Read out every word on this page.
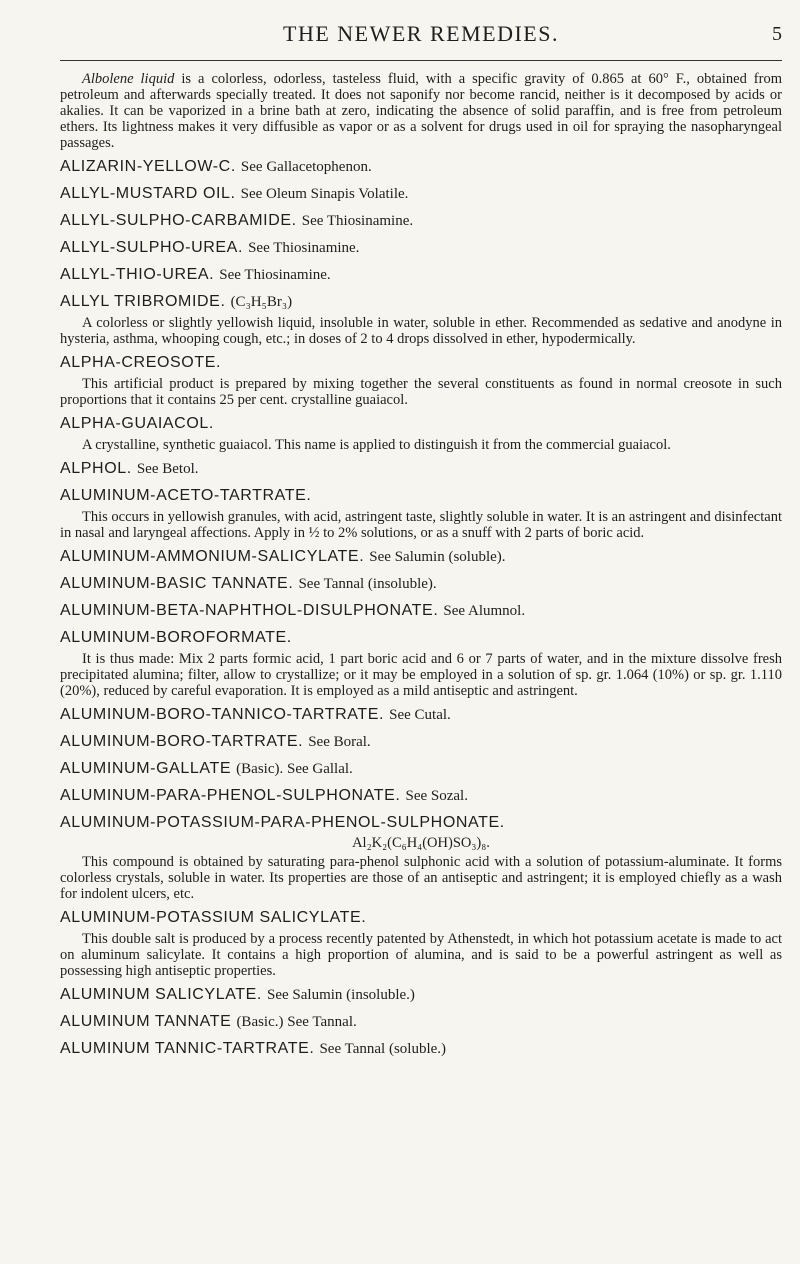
THE NEWER REMEDIES.	5

Albolene liquid is a colorless, odorless, tasteless fluid, with a specific gravity of 0.865 at 60° F., obtained from petroleum and afterwards specially treated. It does not saponify nor become rancid, neither is it decomposed by acids or akalies. It can be vaporized in a brine bath at zero, indicating the absence of solid paraffin, and is free from petroleum ethers. Its lightness makes it very diffusible as vapor or as a solvent for drugs used in oil for spraying the nasopharyngeal passages.

ALIZARIN-YELLOW-C. See Gallacetophenon.
ALLYL-MUSTARD OIL. See Oleum Sinapis Volatile.
ALLYL-SULPHO-CARBAMIDE. See Thiosinamine.
ALLYL-SULPHO-UREA. See Thiosinamine.
ALLYL-THIO-UREA. See Thiosinamine.
ALLYL TRIBROMIDE. (C₃H₅Br₃)

A colorless or slightly yellowish liquid, insoluble in water, soluble in ether. Recommended as sedative and anodyne in hysteria, asthma, whooping cough, etc.; in doses of 2 to 4 drops dissolved in ether, hypodermically.

ALPHA-CREOSOTE.

This artificial product is prepared by mixing together the several constituents as found in normal creosote in such proportions that it contains 25 per cent. crystalline guaiacol.

ALPHA-GUAIACOL.

A crystalline, synthetic guaiacol. This name is applied to distinguish it from the commercial guaiacol.

ALPHOL. See Betol.
ALUMINUM-ACETO-TARTRATE.

This occurs in yellowish granules, with acid, astringent taste, slightly soluble in water. It is an astringent and disinfectant in nasal and laryngeal affections. Apply in ½ to 2% solutions, or as a snuff with 2 parts of boric acid.

ALUMINUM-AMMONIUM-SALICYLATE. See Salumin (soluble).
ALUMINUM-BASIC TANNATE. See Tannal (insoluble).
ALUMINUM-BETA-NAPHTHOL-DISULPHONATE. See Alumnol.
ALUMINUM-BOROFORMATE.

It is thus made: Mix 2 parts formic acid, 1 part boric acid and 6 or 7 parts of water, and in the mixture dissolve fresh precipitated alumina; filter, allow to crystallize; or it may be employed in a solution of sp. gr. 1.064 (10%) or sp. gr. 1.110 (20%), reduced by careful evaporation. It is employed as a mild antiseptic and astringent.

ALUMINUM-BORO-TANNICO-TARTRATE. See Cutal.
ALUMINUM-BORO-TARTRATE. See Boral.
ALUMINUM-GALLATE (Basic). See Gallal.
ALUMINUM-PARA-PHENOL-SULPHONATE. See Sozal.
ALUMINUM-POTASSIUM-PARA-PHENOL-SULPHONATE.
Al₂K₂(C₆H₄(OH)SO₃)₈.

This compound is obtained by saturating para-phenol sulphonic acid with a solution of potassium-aluminate. It forms colorless crystals, soluble in water. Its properties are those of an antiseptic and astringent; it is employed chiefly as a wash for indolent ulcers, etc.

ALUMINUM-POTASSIUM SALICYLATE.

This double salt is produced by a process recently patented by Athenstedt, in which hot potassium acetate is made to act on aluminum salicylate. It contains a high proportion of alumina, and is said to be a powerful astringent as well as possessing high antiseptic properties.

ALUMINUM SALICYLATE. See Salumin (insoluble.)
ALUMINUM TANNATE (Basic.) See Tannal.
ALUMINUM TANNIC-TARTRATE. See Tannal (soluble.)
